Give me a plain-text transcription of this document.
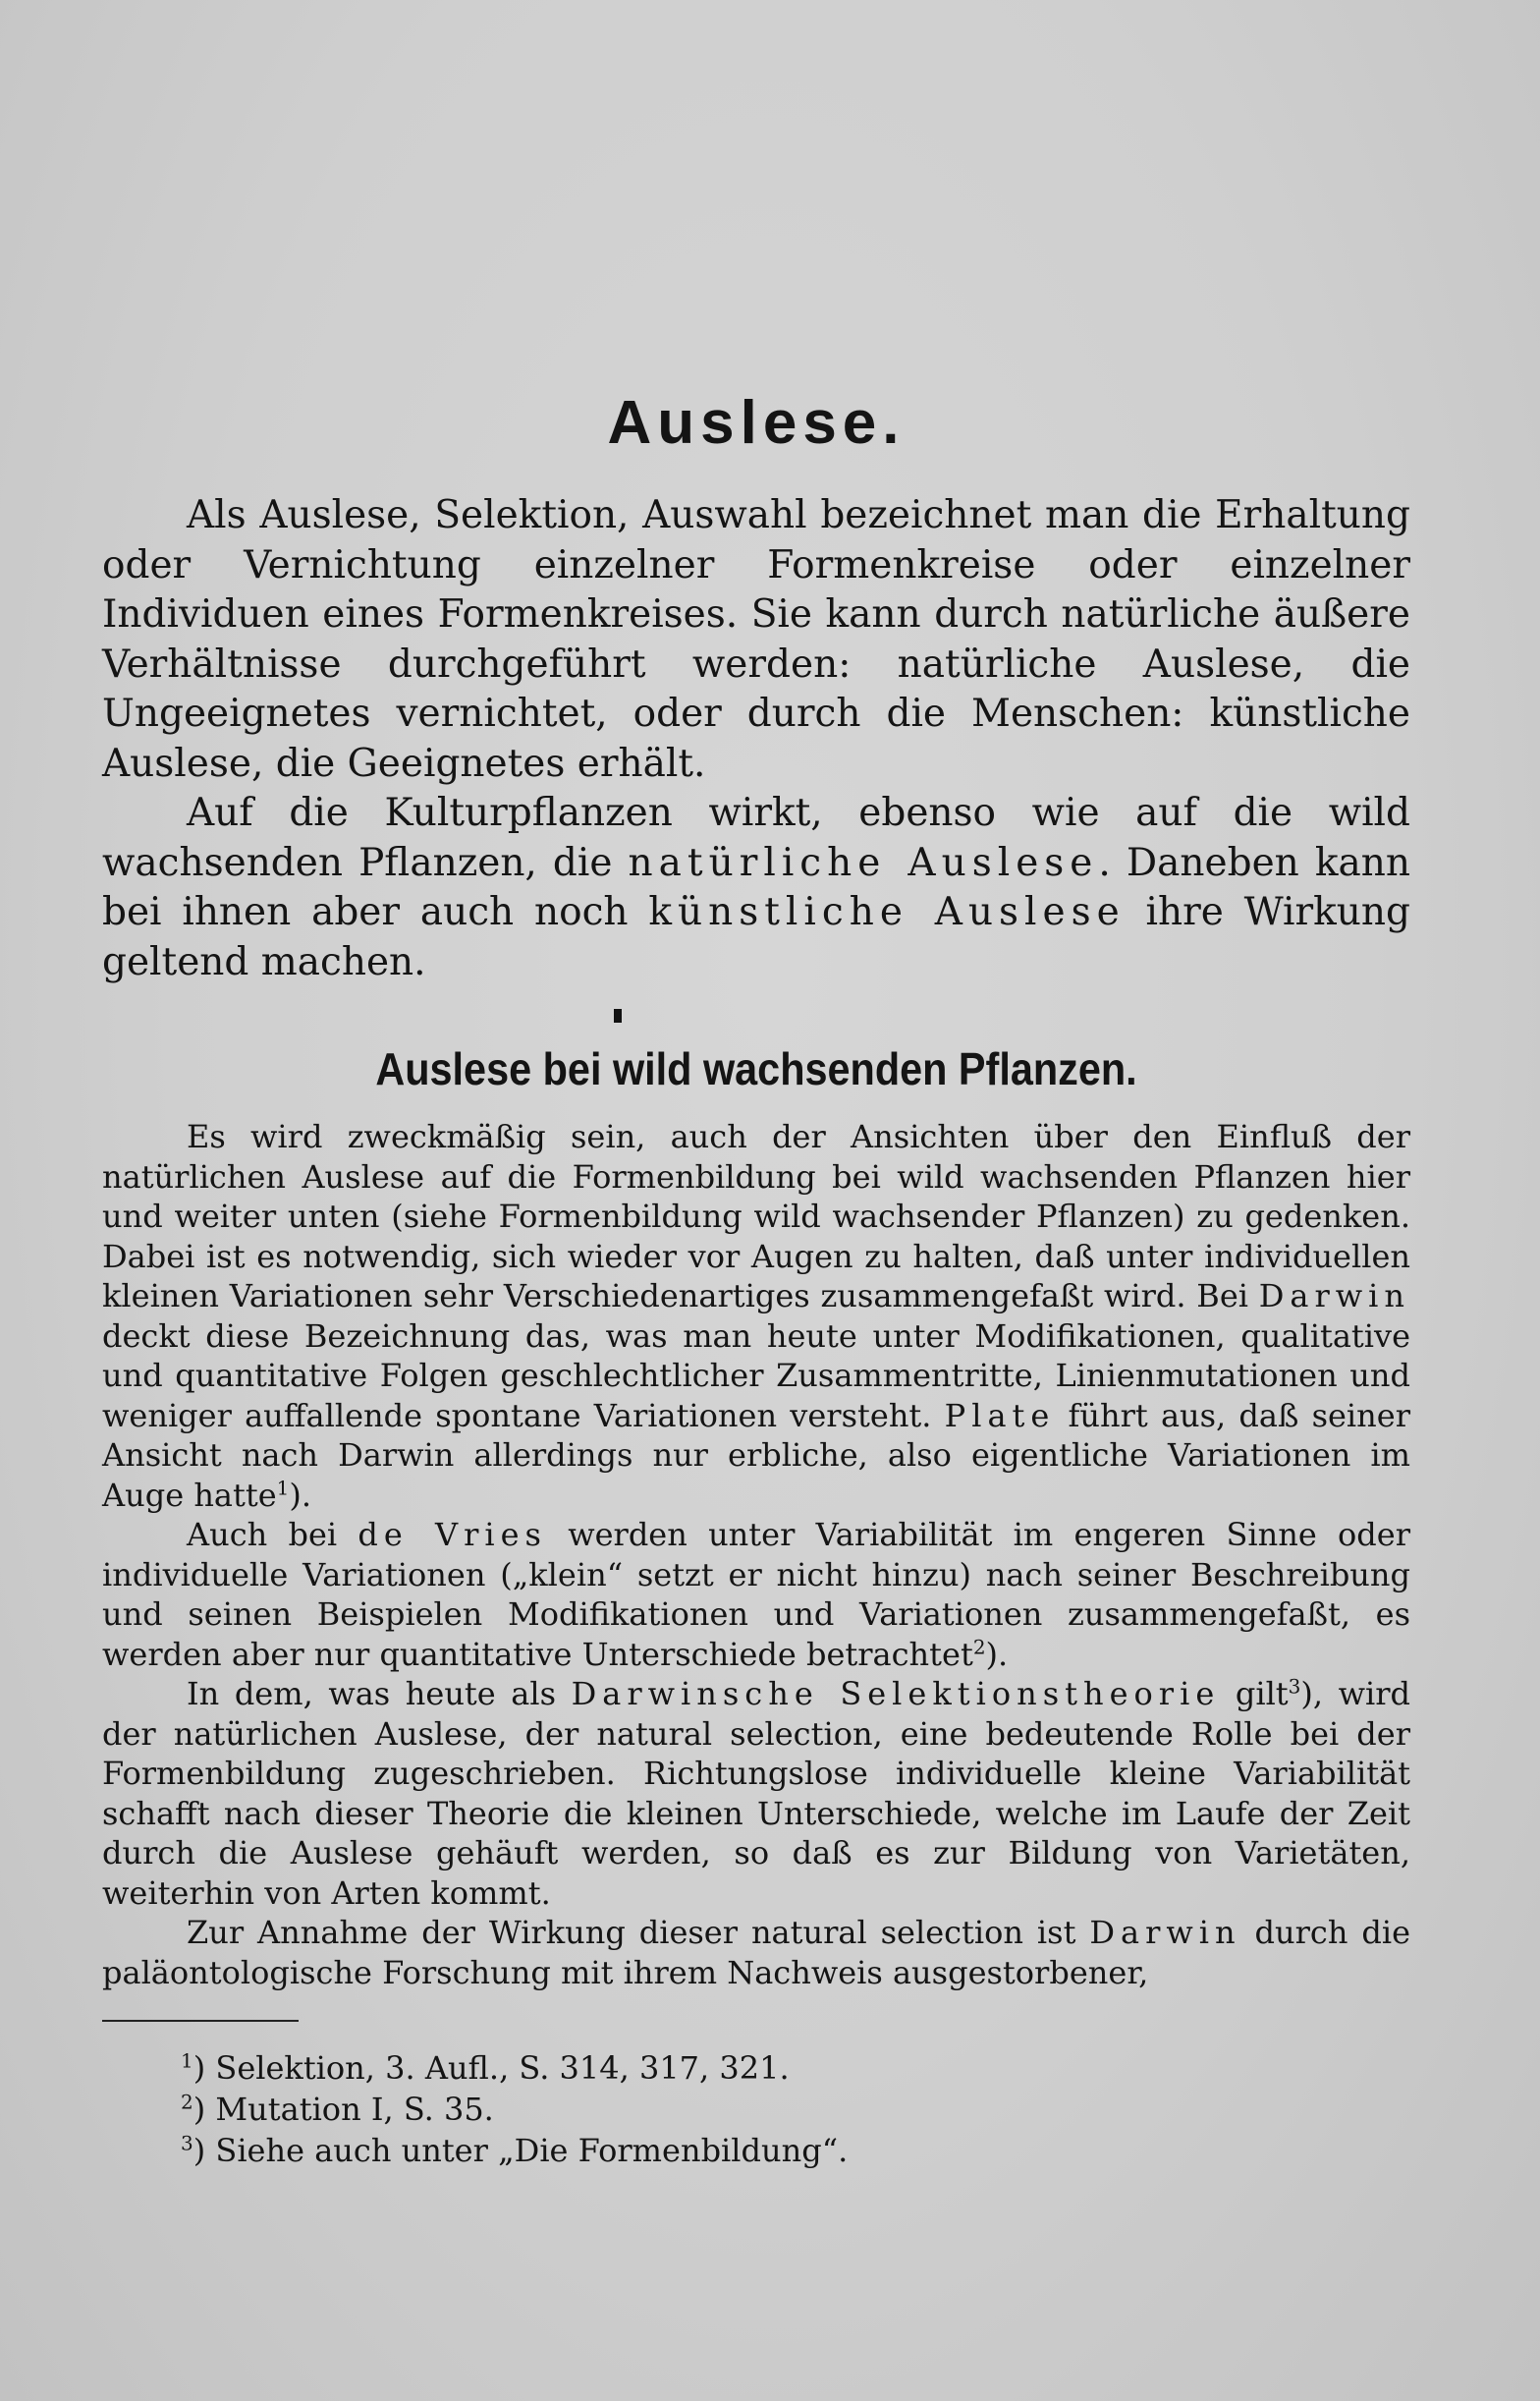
Auslese.

Als Auslese, Selektion, Auswahl bezeichnet man die Erhaltung oder Vernichtung einzelner Formenkreise oder einzelner Individuen eines Formenkreises. Sie kann durch natürliche äußere Verhältnisse durchgeführt werden: natürliche Auslese, die Ungeeignetes vernichtet, oder durch die Menschen: künstliche Auslese, die Geeignetes erhält.

Auf die Kulturpflanzen wirkt, ebenso wie auf die wild wachsenden Pflanzen, die natürliche Auslese. Daneben kann bei ihnen aber auch noch künstliche Auslese ihre Wirkung geltend machen.

Auslese bei wild wachsenden Pflanzen.

Es wird zweckmäßig sein, auch der Ansichten über den Einfluß der natürlichen Auslese auf die Formenbildung bei wild wachsenden Pflanzen hier und weiter unten (siehe Formenbildung wild wachsender Pflanzen) zu gedenken. Dabei ist es notwendig, sich wieder vor Augen zu halten, daß unter individuellen kleinen Variationen sehr Verschiedenartiges zusammengefaßt wird. Bei Darwin deckt diese Bezeichnung das, was man heute unter Modifikationen, qualitative und quantitative Folgen geschlechtlicher Zusammentritte, Linienmutationen und weniger auffallende spontane Variationen versteht. Plate führt aus, daß seiner Ansicht nach Darwin allerdings nur erbliche, also eigentliche Variationen im Auge hatte$^1$).

Auch bei de Vries werden unter Variabilität im engeren Sinne oder individuelle Variationen („klein“ setzt er nicht hinzu) nach seiner Beschreibung und seinen Beispielen Modifikationen und Variationen zusammengefaßt, es werden aber nur quantitative Unterschiede betrachtet$^2$).

In dem, was heute als Darwinsche Selektionstheorie gilt$^3$), wird der natürlichen Auslese, der natural selection, eine bedeutende Rolle bei der Formenbildung zugeschrieben. Richtungslose individuelle kleine Variabilität schafft nach dieser Theorie die kleinen Unterschiede, welche im Laufe der Zeit durch die Auslese gehäuft werden, so daß es zur Bildung von Varietäten, weiterhin von Arten kommt.

Zur Annahme der Wirkung dieser natural selection ist Darwin durch die paläontologische Forschung mit ihrem Nachweis ausgestorbener,

$^1$) Selektion, 3. Aufl., S. 314, 317, 321.
$^2$) Mutation I, S. 35.
$^3$) Siehe auch unter „Die Formenbildung“.
